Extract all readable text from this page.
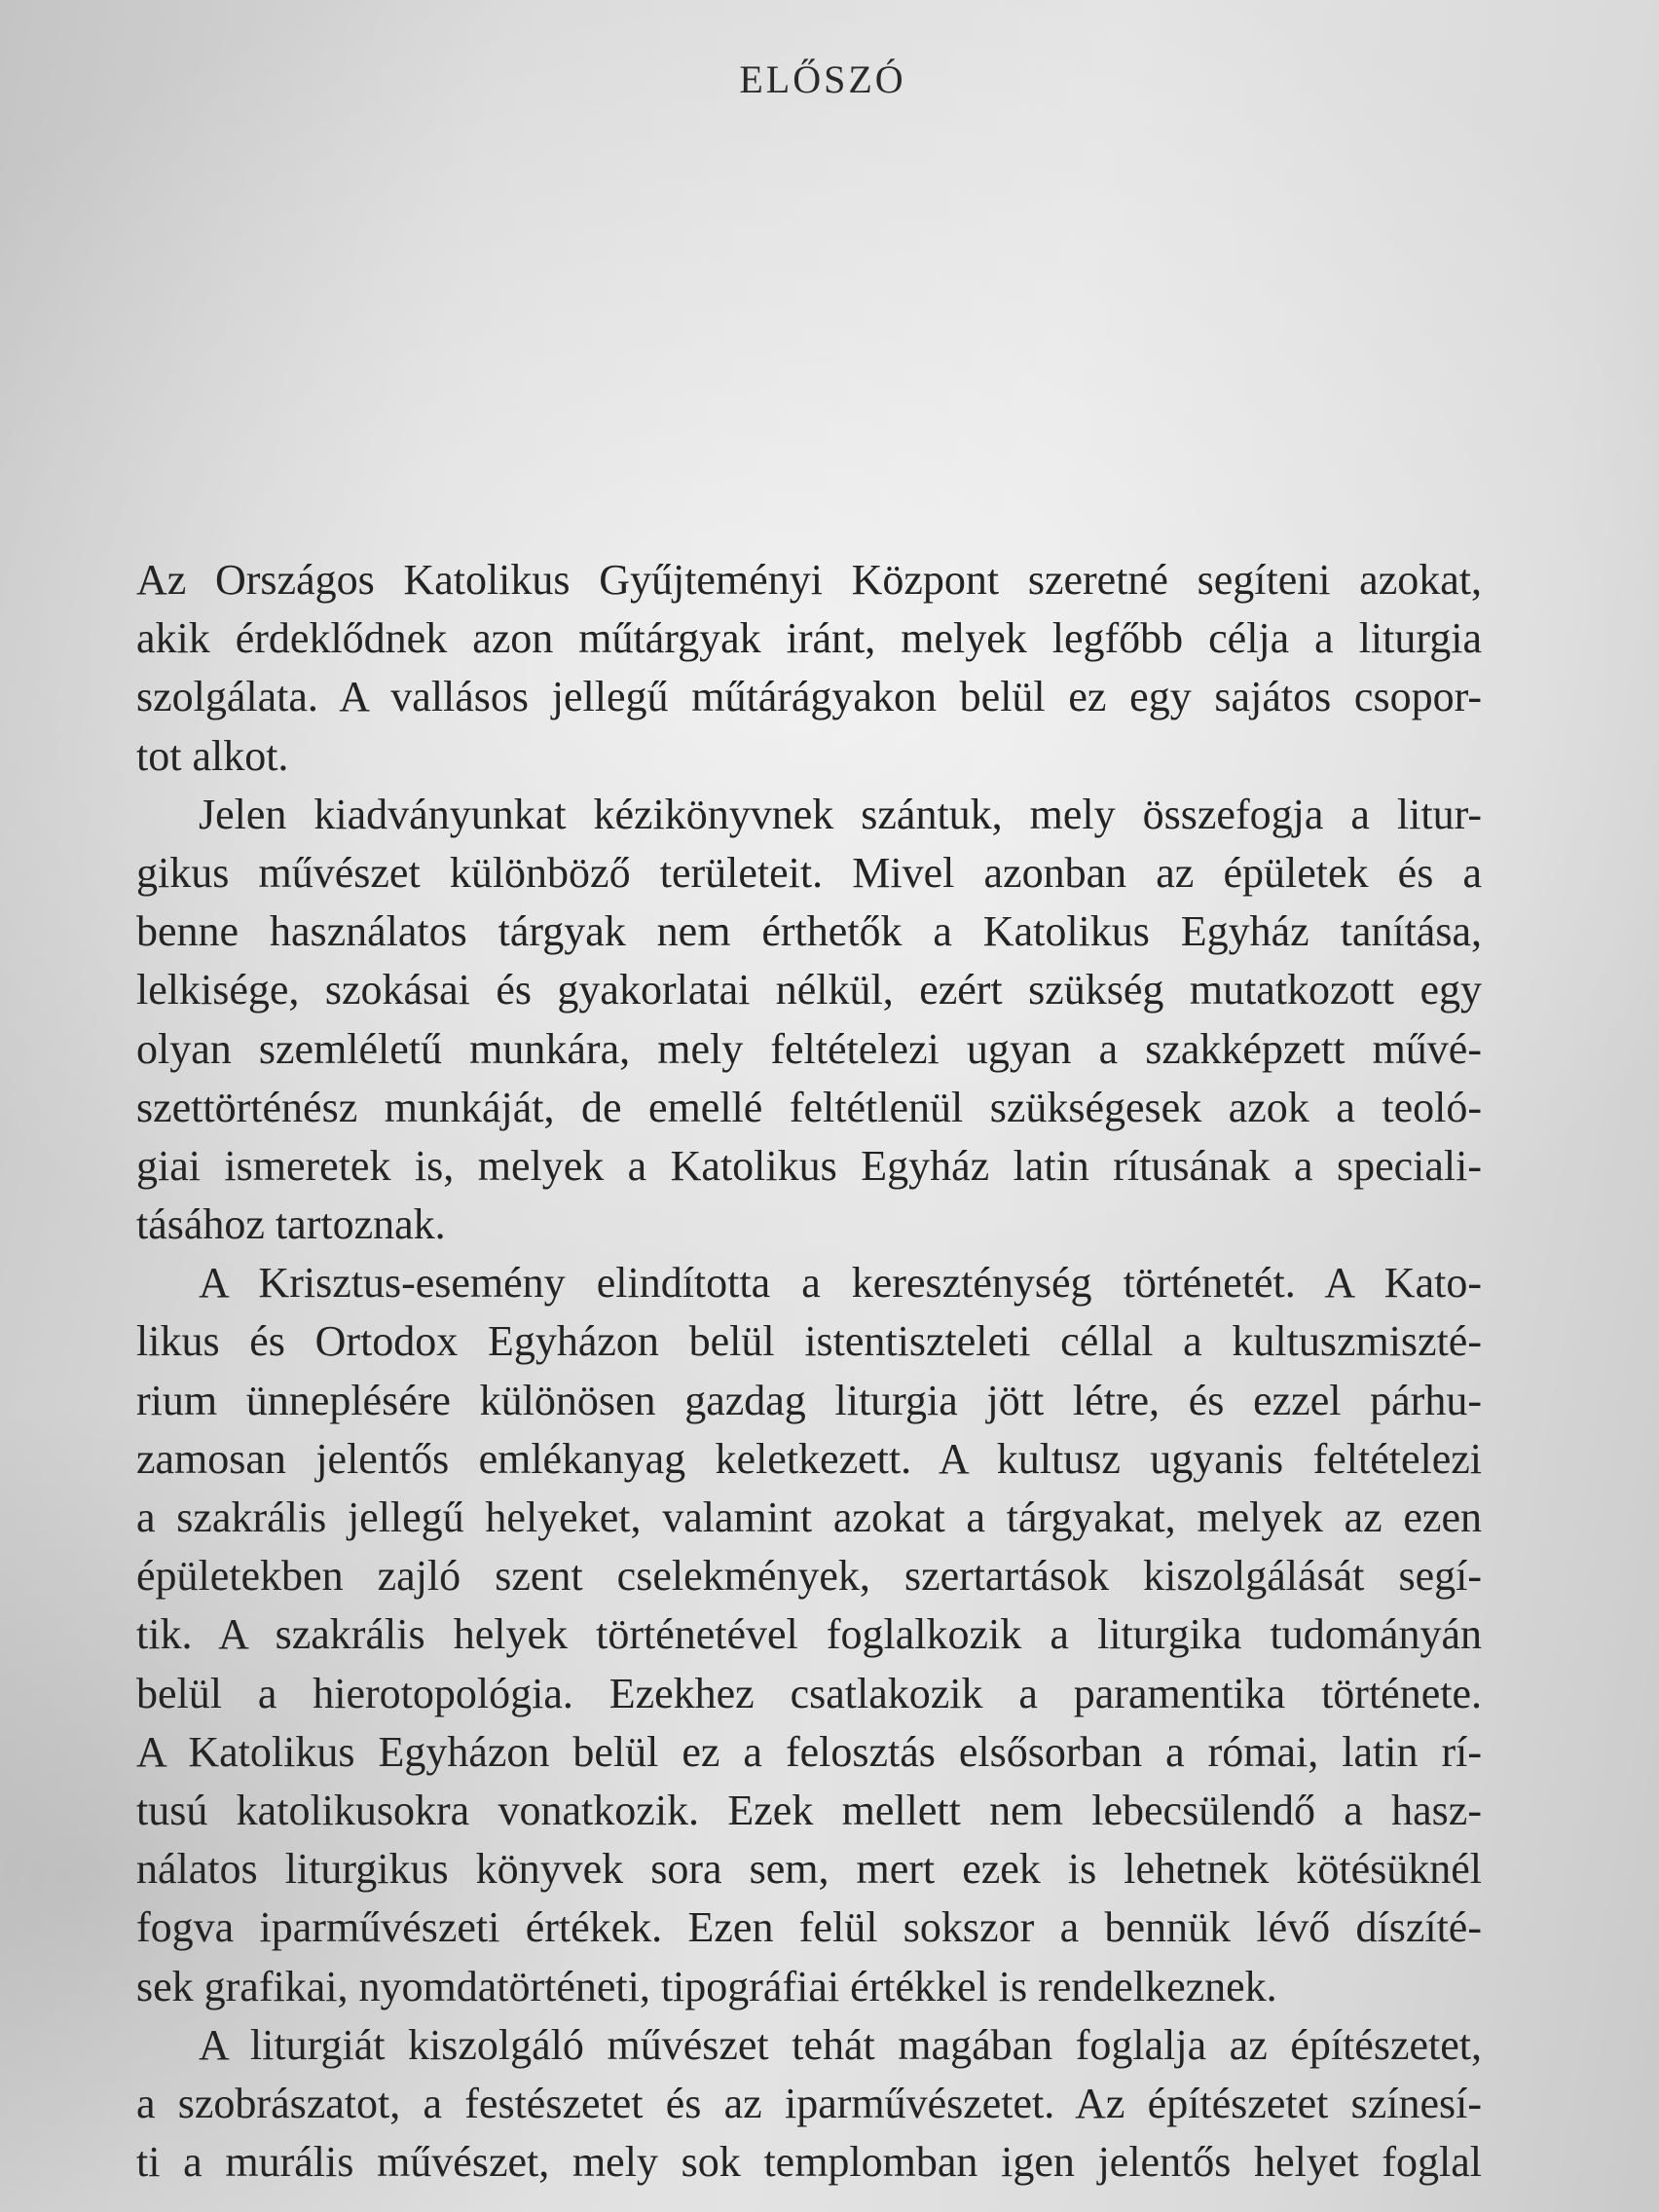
ELŐSZÓ
Az Országos Katolikus Gyűjteményi Központ szeretné segíteni azokat,
akik érdeklődnek azon műtárgyak iránt, melyek legfőbb célja a liturgia
szolgálata. A vallásos jellegű műtárágyakon belül ez egy sajátos csopor-
tot alkot.
Jelen kiadványunkat kézikönyvnek szántuk, mely összefogja a litur-
gikus művészet különböző területeit. Mivel azonban az épületek és a
benne használatos tárgyak nem érthetők a Katolikus Egyház tanítása,
lelkisége, szokásai és gyakorlatai nélkül, ezért szükség mutatkozott egy
olyan szemléletű munkára, mely feltételezi ugyan a szakképzett művé-
szettörténész munkáját, de emellé feltétlenül szükségesek azok a teoló-
giai ismeretek is, melyek a Katolikus Egyház latin rítusának a speciali-
tásához tartoznak.
A Krisztus-esemény elindította a kereszténység történetét. A Kato-
likus és Ortodox Egyházon belül istentiszteleti céllal a kultuszmiszté-
rium ünneplésére különösen gazdag liturgia jött létre, és ezzel párhu-
zamosan jelentős emlékanyag keletkezett. A kultusz ugyanis feltételezi
a szakrális jellegű helyeket, valamint azokat a tárgyakat, melyek az ezen
épületekben zajló szent cselekmények, szertartások kiszolgálását segí-
tik. A szakrális helyek történetével foglalkozik a liturgika tudományán
belül a hierotopológia. Ezekhez csatlakozik a paramentika története.
A Katolikus Egyházon belül ez a felosztás elsősorban a római, latin rí-
tusú katolikusokra vonatkozik. Ezek mellett nem lebecsülendő a hasz-
nálatos liturgikus könyvek sora sem, mert ezek is lehetnek kötésüknél
fogva iparművészeti értékek. Ezen felül sokszor a bennük lévő díszíté-
sek grafikai, nyomdatörténeti, tipográfiai értékkel is rendelkeznek.
A liturgiát kiszolgáló művészet tehát magában foglalja az építészetet,
a szobrászatot, a festészetet és az iparművészetet. Az építészetet színesí-
ti a murális művészet, mely sok templomban igen jelentős helyet foglal
